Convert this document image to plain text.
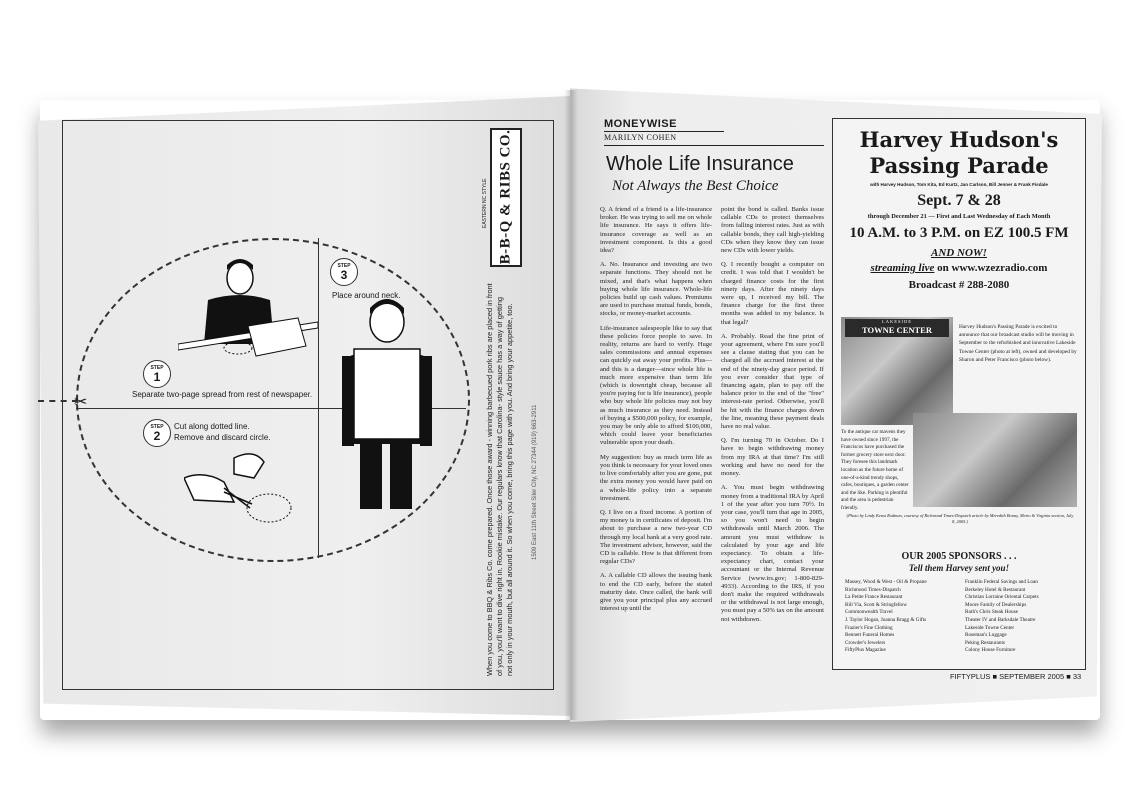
✂
STEP
1
Separate two-page spread from rest of newspaper.
STEP
2
Cut along dotted line.
Remove and discard circle.
STEP
3
Place around neck.
B-B-Q & RIBS CO.
EASTERN NC STYLE
When you come to BBQ & Ribs Co. come prepared. Once those award - winning barbecued pork ribs are placed in front of you, you'll want to dive right in. Rookie mistake. Our regulars know that Carolina- style sauce has a way of getting not only in your mouth, but all around it. So when you come, bring this page with you. And bring your appetite, too.	1509 East 11th Street Siler City, NC 27344 (919) 663-2911
MONEYWISE
MARILYN COHEN
Whole Life Insurance
Not Always the Best Choice

Q. A friend of a friend is a life-insurance broker. He was trying to sell me on whole life insurance. He says it offers life-insurance coverage as well as an investment component. Is this a good idea?

A. No. Insurance and investing are two separate functions. They should not be mixed, and that's what happens when buying whole life insurance. Whole-life policies build up cash values. Premiums are used to purchase mutual funds, bonds, stocks, or money-market accounts.

Life-insurance salespeople like to say that these policies force people to save. In reality, returns are hard to verify. Huge sales commissions and annual expenses can quickly eat away your profits. Plus—and this is a danger—since whole life is much more expensive than term life (which is downright cheap, because all you're paying for is life insurance), people who buy whole life policies may not buy as much insurance as they need. Instead of buying a $500,000 policy, for example, you may be only able to afford $100,000, which could leave your beneficiaries vulnerable upon your death.

My suggestion: buy as much term life as you think is necessary for your loved ones to live comfortably after you are gone, put the extra money you would have paid on a whole-life policy into a separate investment.

Q. I live on a fixed income. A portion of my money is in certificates of deposit. I'm about to purchase a new two-year CD through my local bank at a very good rate. The investment advisor, however, said the CD is callable. How is that different from regular CDs?

A. A callable CD allows the issuing bank to end the CD early, before the stated maturity date. Once called, the bank will give you your principal plus any accrued interest up until the

point the bond is called. Banks issue callable CDs to protect themselves from falling interest rates. Just as with callable bonds, they call high-yielding CDs when they know they can issue new CDs with lower yields.

Q. I recently bought a computer on credit. I was told that I wouldn't be charged finance costs for the first ninety days. After the ninety days were up, I received my bill. The finance charge for the first three months was added to my balance. Is that legal?

A. Probably. Read the fine print of your agreement, where I'm sure you'll see a clause stating that you can be charged all the accrued interest at the end of the ninety-day grace period. If you ever consider that type of financing again, plan to pay off the balance prior to the end of the "free" interest-rate period. Otherwise, you'll be hit with the finance charges down the line, meaning these payment deals have no real value.

Q. I'm turning 70 in October. Do I have to begin withdrawing money from my IRA at that time? I'm still working and have no need for the money.

A. You must begin withdrawing money from a traditional IRA by April 1 of the year after you turn 70½. In your case, you'll turn that age in 2005, so you won't need to begin withdrawals until March 2006. The amount you must withdraw is calculated by your age and life expectancy. To obtain a life-expectancy chart, contact your accountant or the Internal Revenue Service (www.irs.gov; 1-800-829-4933). According to the IRS, if you don't make the required withdrawals or the withdrawal is not large enough, you must pay a 50% tax on the amount not withdrawn.

Harvey Hudson's
Passing Parade
with Harvey Hudson, Tom Kita, Ed Kurtz, Jan Carlson, Bill Jenner & Frank Fisdale
Sept. 7 & 28
through December 21 — First and Last Wednesday of Each Month
10 A.M. to 3 P.M. on EZ 100.5 FM
AND NOW!
streaming live on www.wzezradio.com
Broadcast # 288-2080
LAKESIDE
TOWNE CENTER	Harvey Hudson's Passing Parade is excited to announce that our broadcast studio will be moving in September to the refurbished and innovative Lakeside Towne Center (photo at left), owned and developed by Sharon and Peter Francisco (photo below).
To the antique car mavens they have owned since 1997, the Franciscos have purchased the former grocery store next door. They foresee this landmark location as the future home of one-of-a-kind trendy shops, cafes, boutiques, a garden center and the like. Parking is plentiful and the area is pedestrian friendly.
(Photo by Lindy Keast Rodman, courtesy of Richmond Times-Dispatch article by Meredith Bonny, Metro & Virginia section, July 8, 2005.)
OUR 2005 SPONSORS . . .
Tell them Harvey sent you!
Massey, Wood & West - Oil & Propane
Richmond Times-Dispatch
La Petite France Restaurant
Bill Via, Scott & Stringfellow
Commonwealth Travel
J. Taylor Hogan, Joanna Bragg & Gifts
Frazier's Fine Clothing
Bennett Funeral Homes
Crowder's Jewelers
FiftyPlus Magazine
Franklin Federal Savings and Loan
Berkeley Hotel & Restaurant
Christian Lorraine Oriental Carpets
Moore Family of Dealerships
Ruth's Chris Steak House
Theater IV and Barksdale Theatre
Lakeside Towne Center
Roseman's Luggage
Peking Restaurants
Colony House Furniture
FIFTYPLUS ■ SEPTEMBER 2005 ■ 33
